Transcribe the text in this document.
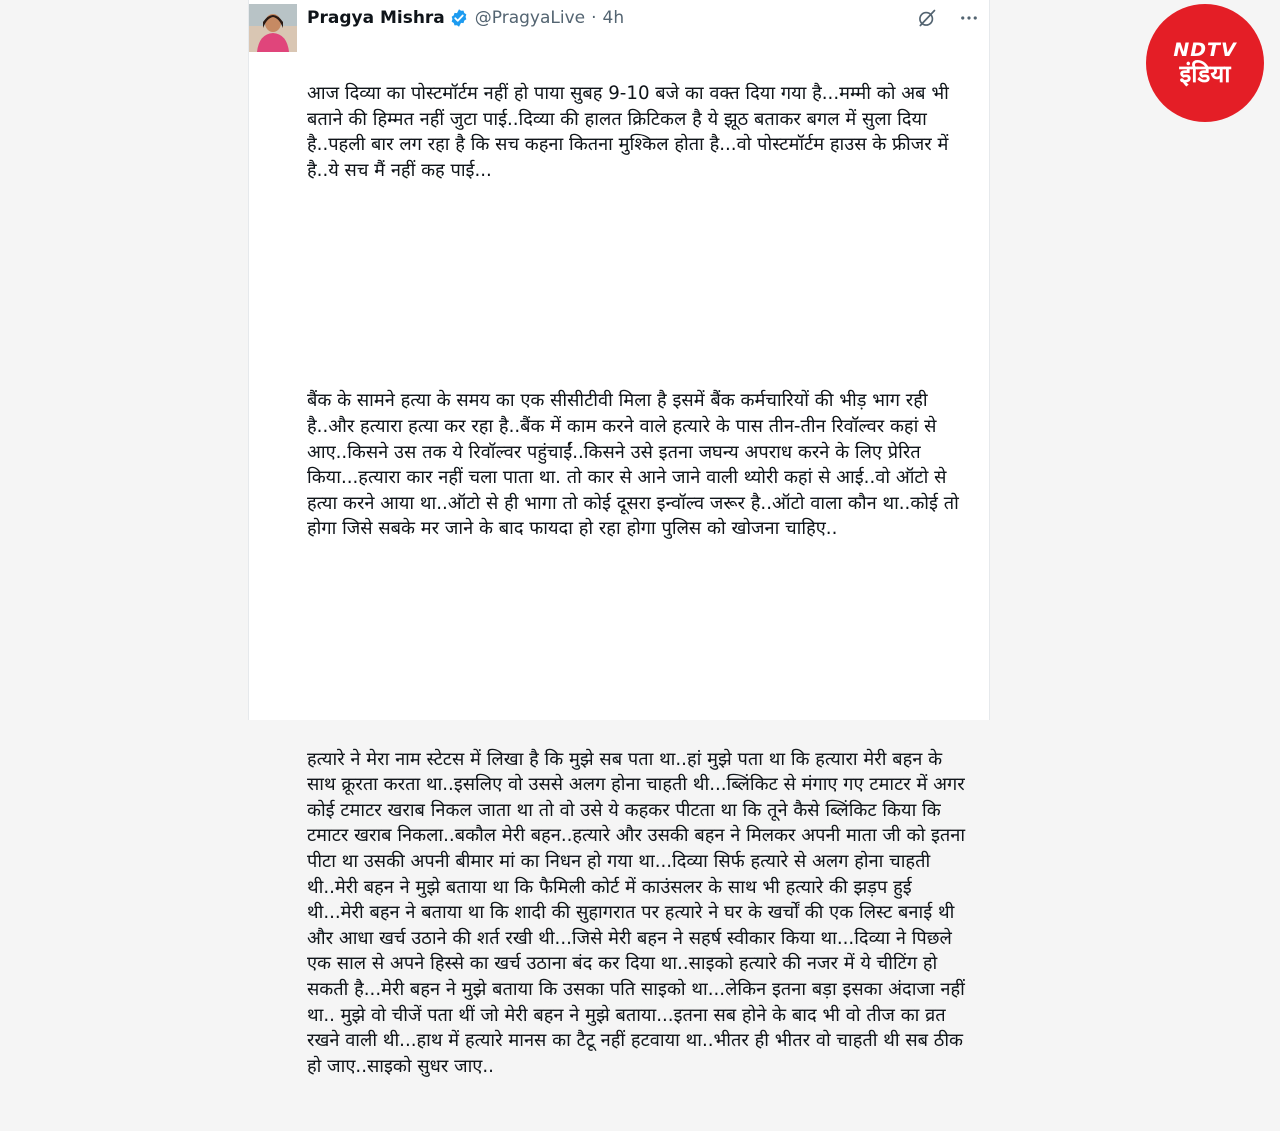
Pragya Mishra @PragyaLive · 4h

आज दिव्या का पोस्टमॉर्टम नहीं हो पाया सुबह 9-10 बजे का वक्त दिया गया है...मम्मी को अब भी बताने की हिम्मत नहीं जुटा पाई..दिव्या की हालत क्रिटिकल है ये झूठ बताकर बगल में सुला दिया है..पहली बार लग रहा है कि सच कहना कितना मुश्किल होता है...वो पोस्टमॉर्टम हाउस के फ्रीजर में है..ये सच मैं नहीं कह पाई...

बैंक के सामने हत्या के समय का एक सीसीटीवी मिला है इसमें बैंक कर्मचारियों की भीड़ भाग रही है..और हत्यारा हत्या कर रहा है..बैंक में काम करने वाले हत्यारे के पास तीन-तीन रिवॉल्वर कहां से आए..किसने उस तक ये रिवॉल्वर पहुंचाईं..किसने उसे इतना जघन्य अपराध करने के लिए प्रेरित किया...हत्यारा कार नहीं चला पाता था. तो कार से आने जाने वाली थ्योरी कहां से आई..वो ऑटो से हत्या करने आया था..ऑटो से ही भागा तो कोई दूसरा इन्वॉल्व जरूर है..ऑटो वाला कौन था..कोई तो होगा जिसे सबके मर जाने के बाद फायदा हो रहा होगा पुलिस को खोजना चाहिए..

हत्यारे ने मेरा नाम स्टेटस में लिखा है कि मुझे सब पता था..हां मुझे पता था कि हत्यारा मेरी बहन के साथ क्रूरता करता था..इसलिए वो उससे अलग होना चाहती थी...ब्लिंकिट से मंगाए गए टमाटर में अगर कोई टमाटर खराब निकल जाता था तो वो उसे ये कहकर पीटता था कि तूने कैसे ब्लिंकिट किया कि टमाटर खराब निकला..बकौल मेरी बहन..हत्यारे और उसकी बहन ने मिलकर अपनी माता जी को इतना पीटा था उसकी अपनी बीमार मां का निधन हो गया था...दिव्या सिर्फ हत्यारे से अलग होना चाहती थी..मेरी बहन ने मुझे बताया था कि फैमिली कोर्ट में काउंसलर के साथ भी हत्यारे की झड़प हुई थी...मेरी बहन ने बताया था कि शादी की सुहागरात पर हत्यारे ने घर के खर्चों की एक लिस्ट बनाई थी और आधा खर्च उठाने की शर्त रखी थी...जिसे मेरी बहन ने सहर्ष स्वीकार किया था...दिव्या ने पिछले एक साल से अपने हिस्से का खर्च उठाना बंद कर दिया था..साइको हत्यारे की नजर में ये चीटिंग हो सकती है...मेरी बहन ने मुझे बताया कि उसका पति साइको था...लेकिन इतना बड़ा इसका अंदाजा नहीं था.. मुझे वो चीजें पता थीं जो मेरी बहन ने मुझे बताया...इतना सब होने के बाद भी वो तीज का व्रत रखने वाली थी...हाथ में हत्यारे मानस का टैटू नहीं हटवाया था..भीतर ही भीतर वो चाहती थी सब ठीक हो जाए..साइको सुधर जाए..

NDTV
इंडिया
